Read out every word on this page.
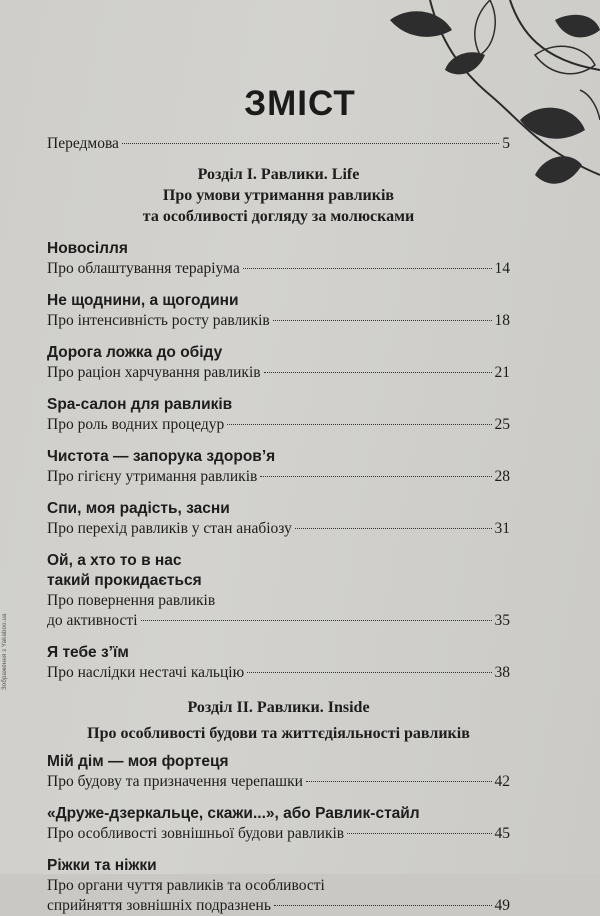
Зображення з Yakaboo.ua
ЗМІСТ
Передмова	5
Розділ І. Равлики. Life
Про умови утримання равликів
та особливості догляду за молюсками
Новосілля
Про облаштування тераріума	14
Не щоднини, а щогодини
Про інтенсивність росту равликів	18
Дорога ложка до обіду
Про раціон харчування равликів	21
Spa-салон для равликів
Про роль водних процедур	25
Чистота — запорука здоров’я
Про гігієну утримання равликів	28
Спи, моя радість, засни
Про перехід равликів у стан анабіозу	31
Ой, а хто то в нас
такий прокидається
Про повернення равликів
до активності	35
Я тебе з’їм
Про наслідки нестачі кальцію	38
Розділ ІІ. Равлики. Inside
Про особливості будови та життєдіяльності равликів
Мій дім — моя фортеця
Про будову та призначення черепашки	42
«Друже-дзеркальце, скажи...», або Равлик-стайл
Про особливості зовнішньої будови равликів	45
Ріжки та ніжки
Про органи чуття равликів та особливості
сприйняття зовнішніх подразнень	49
